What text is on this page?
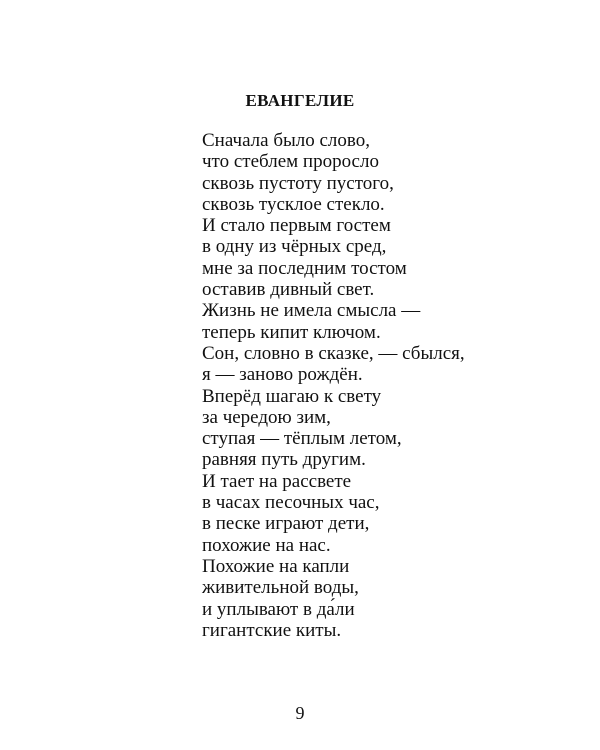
ЕВАНГЕЛИЕ
Сначала было слово,
что стеблем проросло
сквозь пустоту пустого,
сквозь тусклое стекло.
И стало первым гостем
в одну из чёрных сред,
мне за последним тостом
оставив дивный свет.
Жизнь не имела смысла —
теперь кипит ключом.
Сон, словно в сказке, — сбылся,
я — заново рождён.
Вперёд шагаю к свету
за чередою зим,
ступая — тёплым летом,
равняя путь другим.
И тает на рассвете
в часах песочных час,
в песке играют дети,
похожие на нас.
Похожие на капли
живительной воды,
и уплывают в да́ли
гигантские киты.
9
